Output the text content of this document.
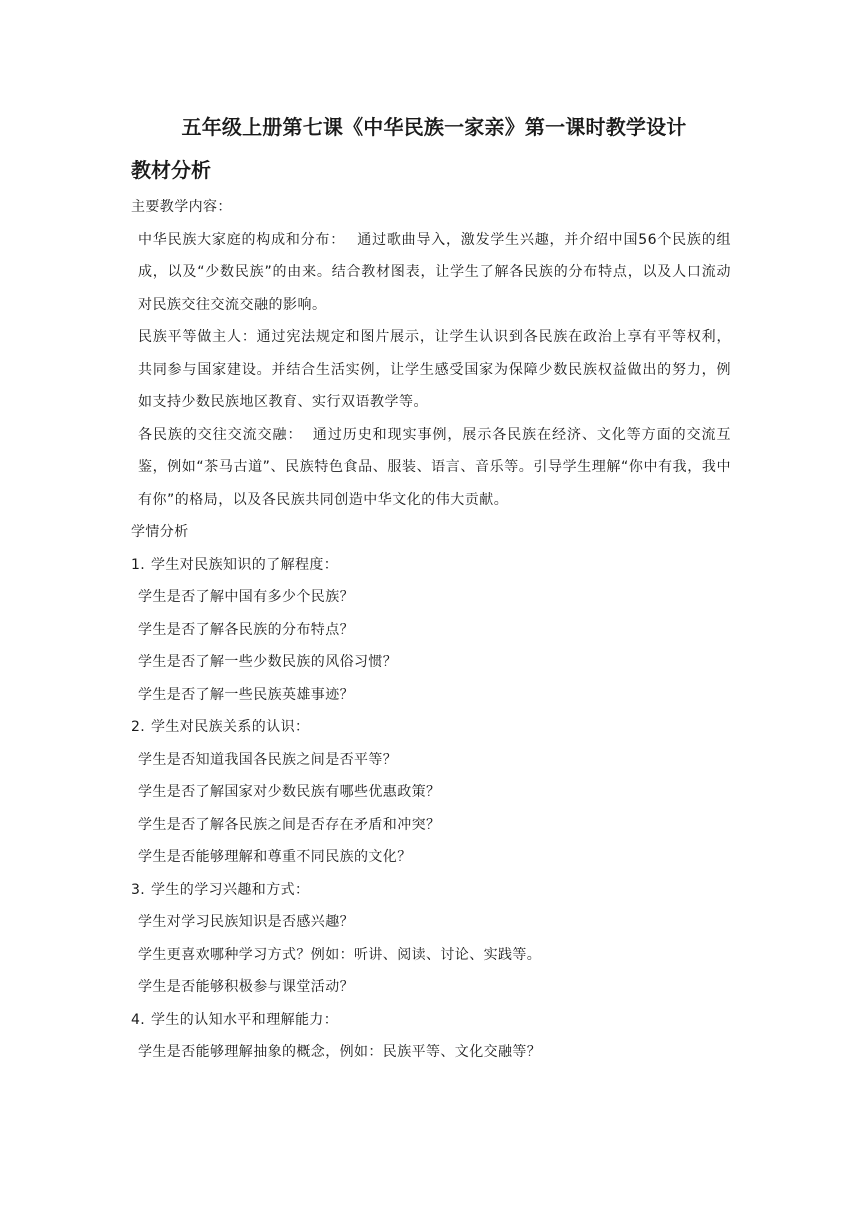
五年级上册第七课《中华民族一家亲》第一课时教学设计
教材分析
主要教学内容：
中华民族大家庭的构成和分布： 通过歌曲导入，激发学生兴趣，并介绍中国56个民族的组成，以及“少数民族”的由来。结合教材图表，让学生了解各民族的分布特点，以及人口流动对民族交往交流交融的影响。
民族平等做主人：通过宪法规定和图片展示，让学生认识到各民族在政治上享有平等权利，共同参与国家建设。并结合生活实例，让学生感受国家为保障少数民族权益做出的努力，例如支持少数民族地区教育、实行双语教学等。
各民族的交往交流交融： 通过历史和现实事例，展示各民族在经济、文化等方面的交流互鉴，例如“茶马古道”、民族特色食品、服装、语言、音乐等。引导学生理解“你中有我，我中有你”的格局，以及各民族共同创造中华文化的伟大贡献。
学情分析
1. 学生对民族知识的了解程度：
学生是否了解中国有多少个民族？
学生是否了解各民族的分布特点？
学生是否了解一些少数民族的风俗习惯？
学生是否了解一些民族英雄事迹？
2. 学生对民族关系的认识：
学生是否知道我国各民族之间是否平等？
学生是否了解国家对少数民族有哪些优惠政策？
学生是否了解各民族之间是否存在矛盾和冲突？
学生是否能够理解和尊重不同民族的文化？
3. 学生的学习兴趣和方式：
学生对学习民族知识是否感兴趣？
学生更喜欢哪种学习方式？例如：听讲、阅读、讨论、实践等。
学生是否能够积极参与课堂活动？
4. 学生的认知水平和理解能力：
学生是否能够理解抽象的概念，例如：民族平等、文化交融等？
